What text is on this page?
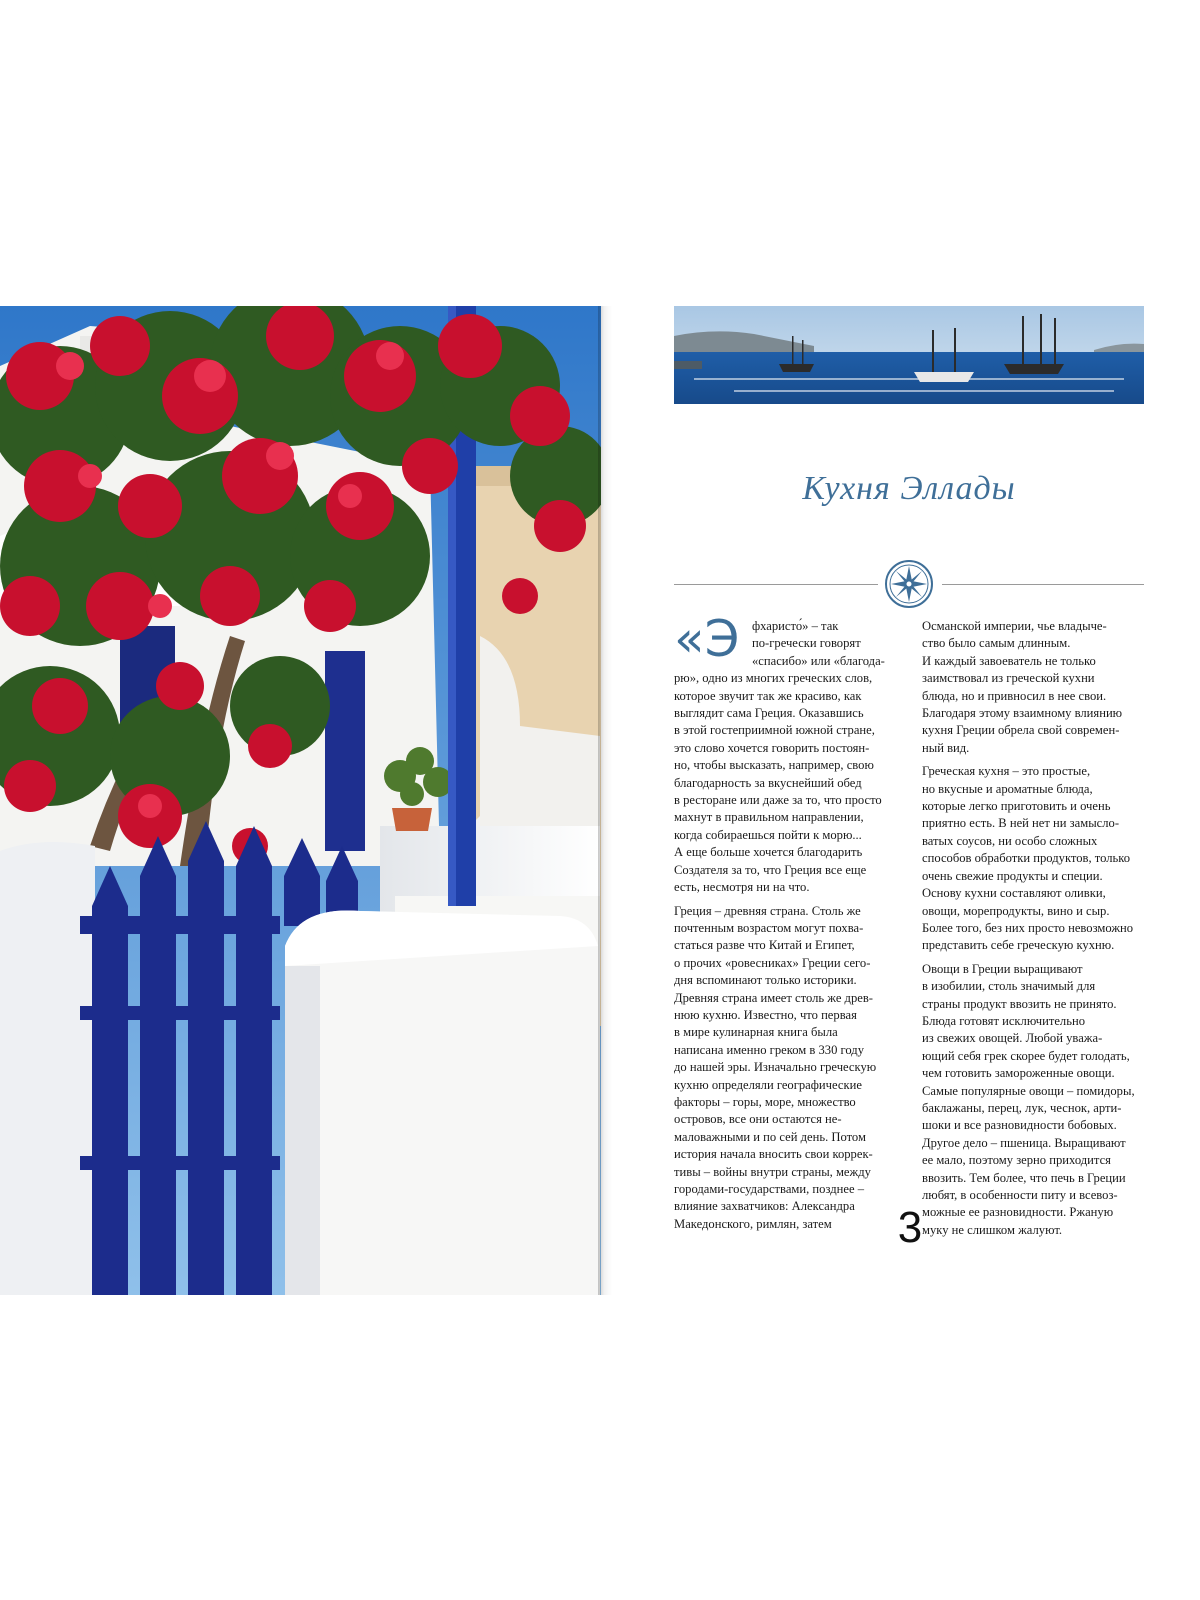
Кухня Эллады
«Э фхаристо́» – так
по-гречески говорят
«спасибо» или «благода-
рю», одно из многих греческих слов,
которое звучит так же красиво, как
выглядит сама Греция. Оказавшись
в этой гостеприимной южной стране,
это слово хочется говорить постоян-
но, чтобы высказать, например, свою
благодарность за вкуснейший обед
в ресторане или даже за то, что просто
махнут в правильном направлении,
когда собираешься пойти к морю...
А еще больше хочется благодарить
Создателя за то, что Греция все еще
есть, несмотря ни на что.
Греция – древняя страна. Столь же
почтенным возрастом могут похва-
статься разве что Китай и Египет,
о прочих «ровесниках» Греции сего-
дня вспоминают только историки.
Древняя страна имеет столь же древ-
нюю кухню. Известно, что первая
в мире кулинарная книга была
написана именно греком в 330 году
до нашей эры. Изначально греческую
кухню определяли географические
факторы – горы, море, множество
островов, все они остаются не-
маловажными и по сей день. Потом
история начала вносить свои коррек-
тивы – войны внутри страны, между
городами-государствами, позднее –
влияние захватчиков: Александра
Македонского, римлян, затем
Османской империи, чье владыче-
ство было самым длинным.
И каждый завоеватель не только
заимствовал из греческой кухни
блюда, но и привносил в нее свои.
Благодаря этому взаимному влиянию
кухня Греции обрела свой современ-
ный вид.
Греческая кухня – это простые,
но вкусные и ароматные блюда,
которые легко приготовить и очень
приятно есть. В ней нет ни замысло-
ватых соусов, ни особо сложных
способов обработки продуктов, только
очень свежие продукты и специи.
Основу кухни составляют оливки,
овощи, морепродукты, вино и сыр.
Более того, без них просто невозможно
представить себе греческую кухню.
Овощи в Греции выращивают
в изобилии, столь значимый для
страны продукт ввозить не принято.
Блюда готовят исключительно
из свежих овощей. Любой уважа-
ющий себя грек скорее будет голодать,
чем готовить замороженные овощи.
Самые популярные овощи – помидоры,
баклажаны, перец, лук, чеснок, арти-
шоки и все разновидности бобовых.
Другое дело – пшеница. Выращивают
ее мало, поэтому зерно приходится
ввозить. Тем более, что печь в Греции
любят, в особенности питу и всевоз-
можные ее разновидности. Ржаную
муку не слишком жалуют.
3
